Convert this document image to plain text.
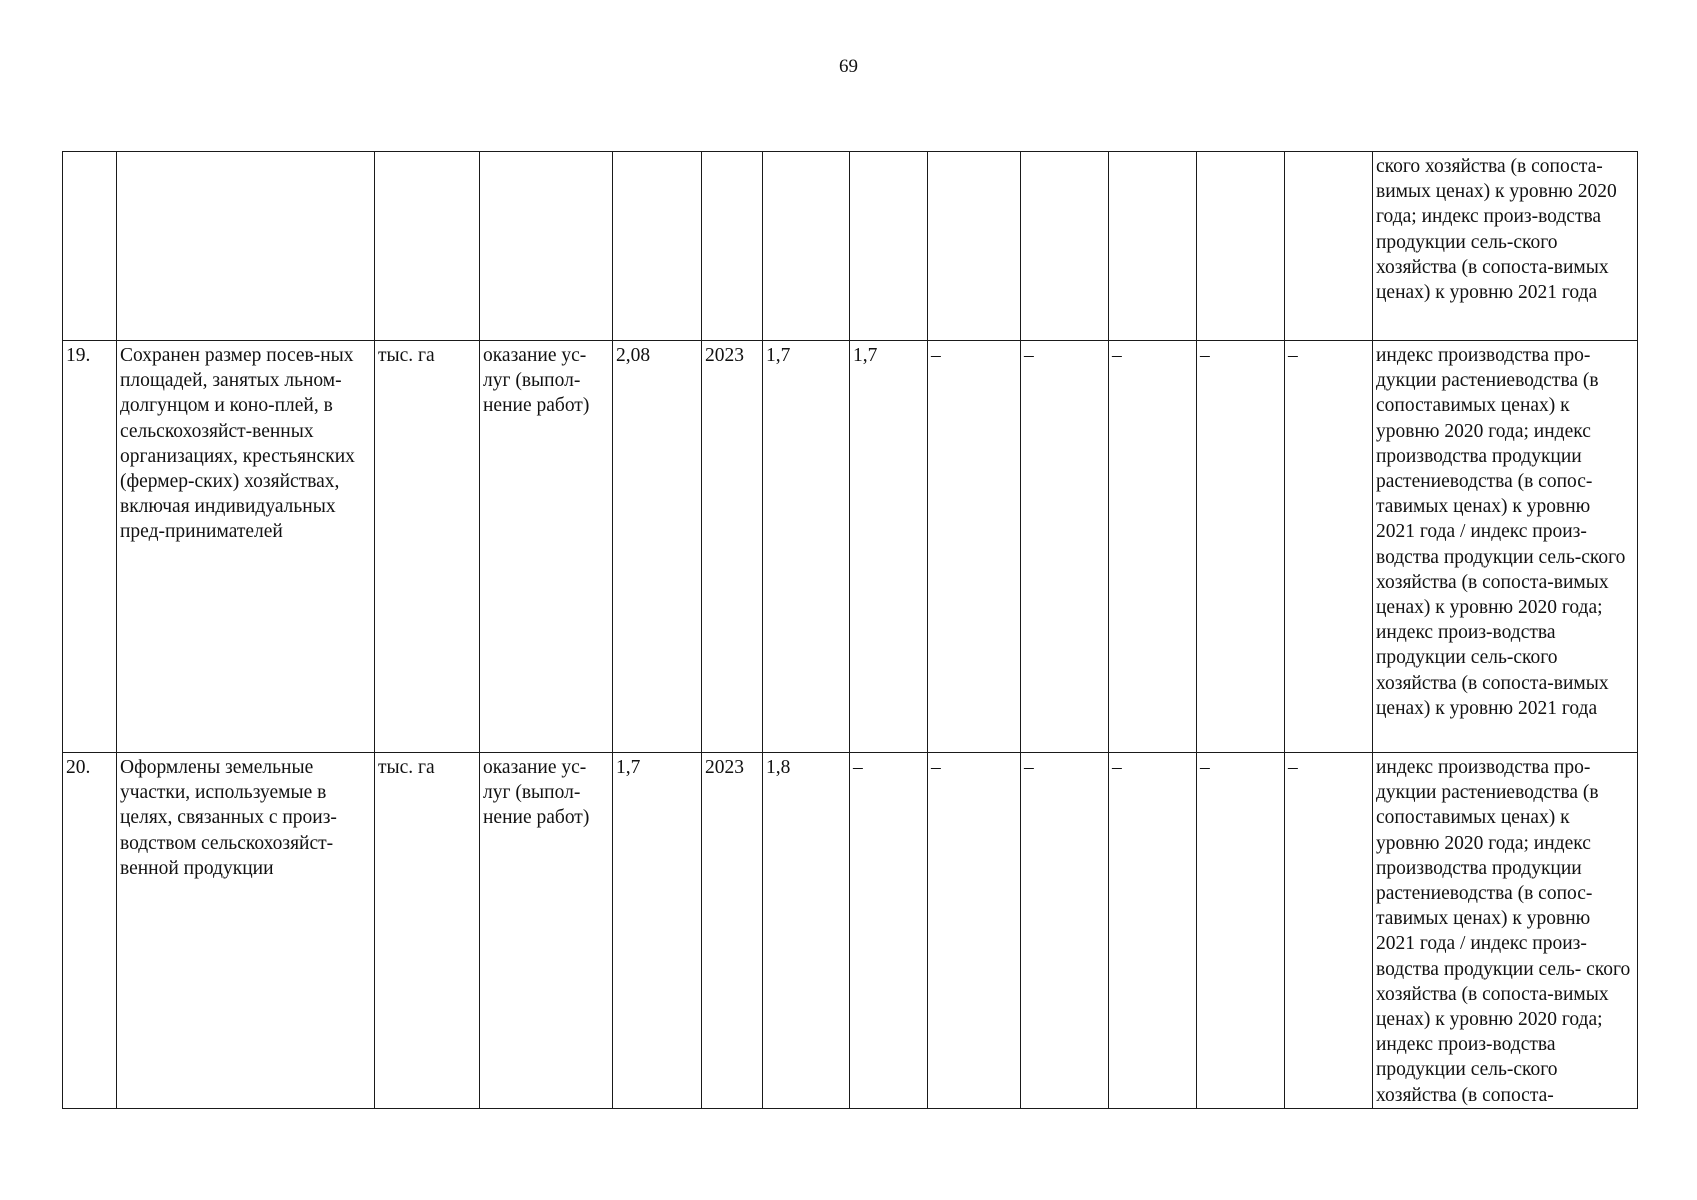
69
													ского хозяйства (в сопоста-вимых ценах) к уровню 2020 года; индекс произ-водства продукции сель-ского хозяйства (в сопоста-вимых ценах) к уровню 2021 года
19.	Сохранен размер посев-ных площадей, занятых льном-долгунцом и коно-плей, в сельскохозяйст-венных организациях, крестьянских (фермер-ских) хозяйствах, включая индивидуальных пред-принимателей	тыс. га	оказание ус-луг (выпол-нение работ)	2,08	2023	1,7	1,7	–	–	–	–	–	индекс производства про-дукции растениеводства (в сопоставимых ценах) к уровню 2020 года; индекс производства продукции растениеводства (в сопос-тавимых ценах) к уровню 2021 года / индекс произ-водства продукции сель-ского хозяйства (в сопоста-вимых ценах) к уровню 2020 года; индекс произ-водства продукции сель-ского хозяйства (в сопоста-вимых ценах) к уровню 2021 года
20.	Оформлены земельные участки, используемые в целях, связанных с произ-водством сельскохозяйст-венной продукции	тыс. га	оказание ус-луг (выпол-нение работ)	1,7	2023	1,8	–	–	–	–	–	–	индекс производства про-дукции растениеводства (в сопоставимых ценах) к уровню 2020 года; индекс производства продукции растениеводства (в сопос-тавимых ценах) к уровню 2021 года / индекс произ-водства продукции сель- ского хозяйства (в сопоста-вимых ценах) к уровню 2020 года; индекс произ-водства продукции сель-ского хозяйства (в сопоста-
